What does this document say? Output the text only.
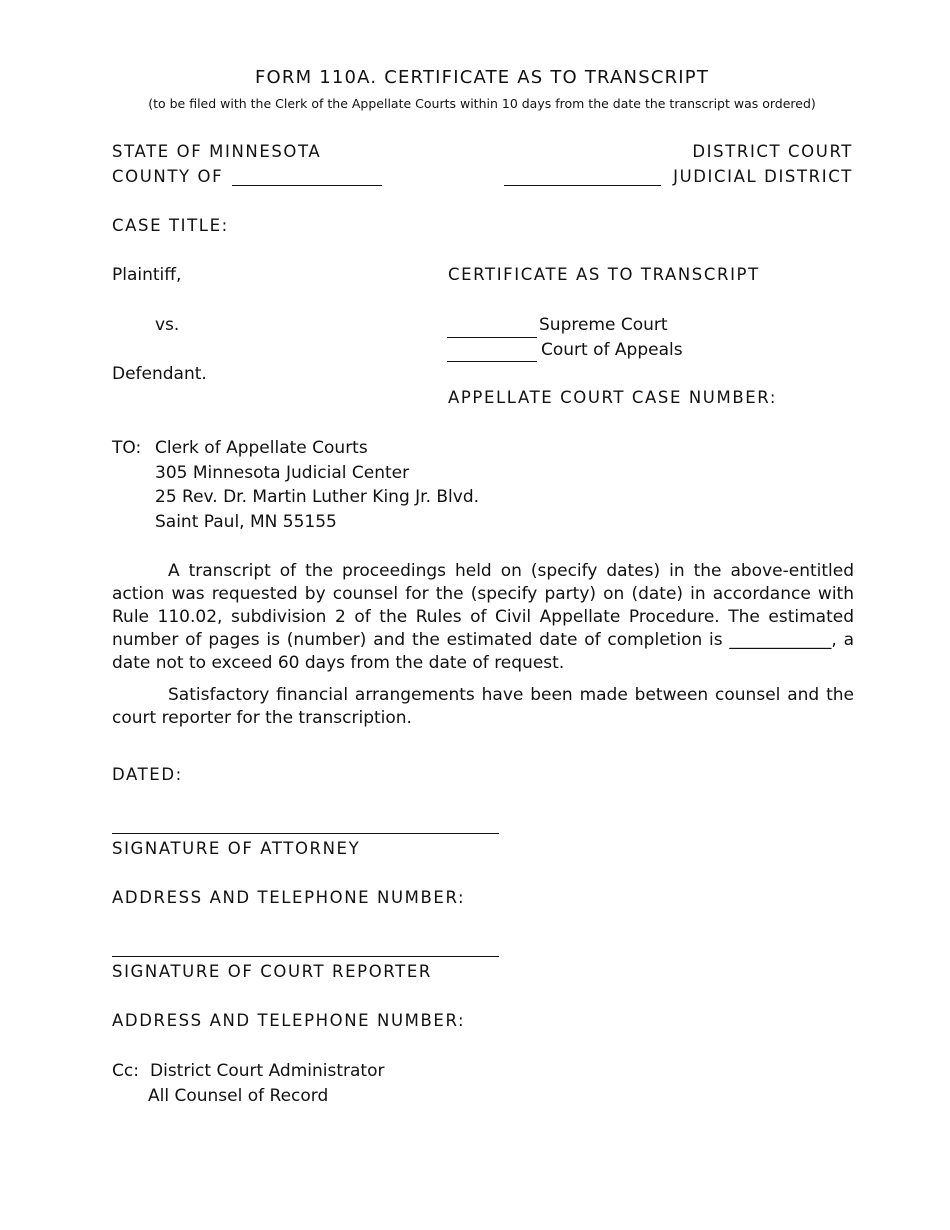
FORM 110A. CERTIFICATE AS TO TRANSCRIPT
(to be filed with the Clerk of the Appellate Courts within 10 days from the date the transcript was ordered)
STATE OF MINNESOTA
COUNTY OF
DISTRICT COURT
JUDICIAL DISTRICT
CASE TITLE:
Plaintiff,	CERTIFICATE AS TO TRANSCRIPT
vs.	Supreme Court
Court of Appeals
Defendant.
APPELLATE COURT CASE NUMBER:
TO: Clerk of Appellate Courts
305 Minnesota Judicial Center
25 Rev. Dr. Martin Luther King Jr. Blvd.
Saint Paul, MN 55155
A transcript of the proceedings held on (specify dates) in the above-entitled action was requested by counsel for the (specify party) on (date) in accordance with Rule 110.02, subdivision 2 of the Rules of Civil Appellate Procedure. The estimated number of pages is (number) and the estimated date of completion is ____________, a date not to exceed 60 days from the date of request.
Satisfactory financial arrangements have been made between counsel and the court reporter for the transcription.
DATED:
SIGNATURE OF ATTORNEY
ADDRESS AND TELEPHONE NUMBER:
SIGNATURE OF COURT REPORTER
ADDRESS AND TELEPHONE NUMBER:
Cc: District Court Administrator
All Counsel of Record
